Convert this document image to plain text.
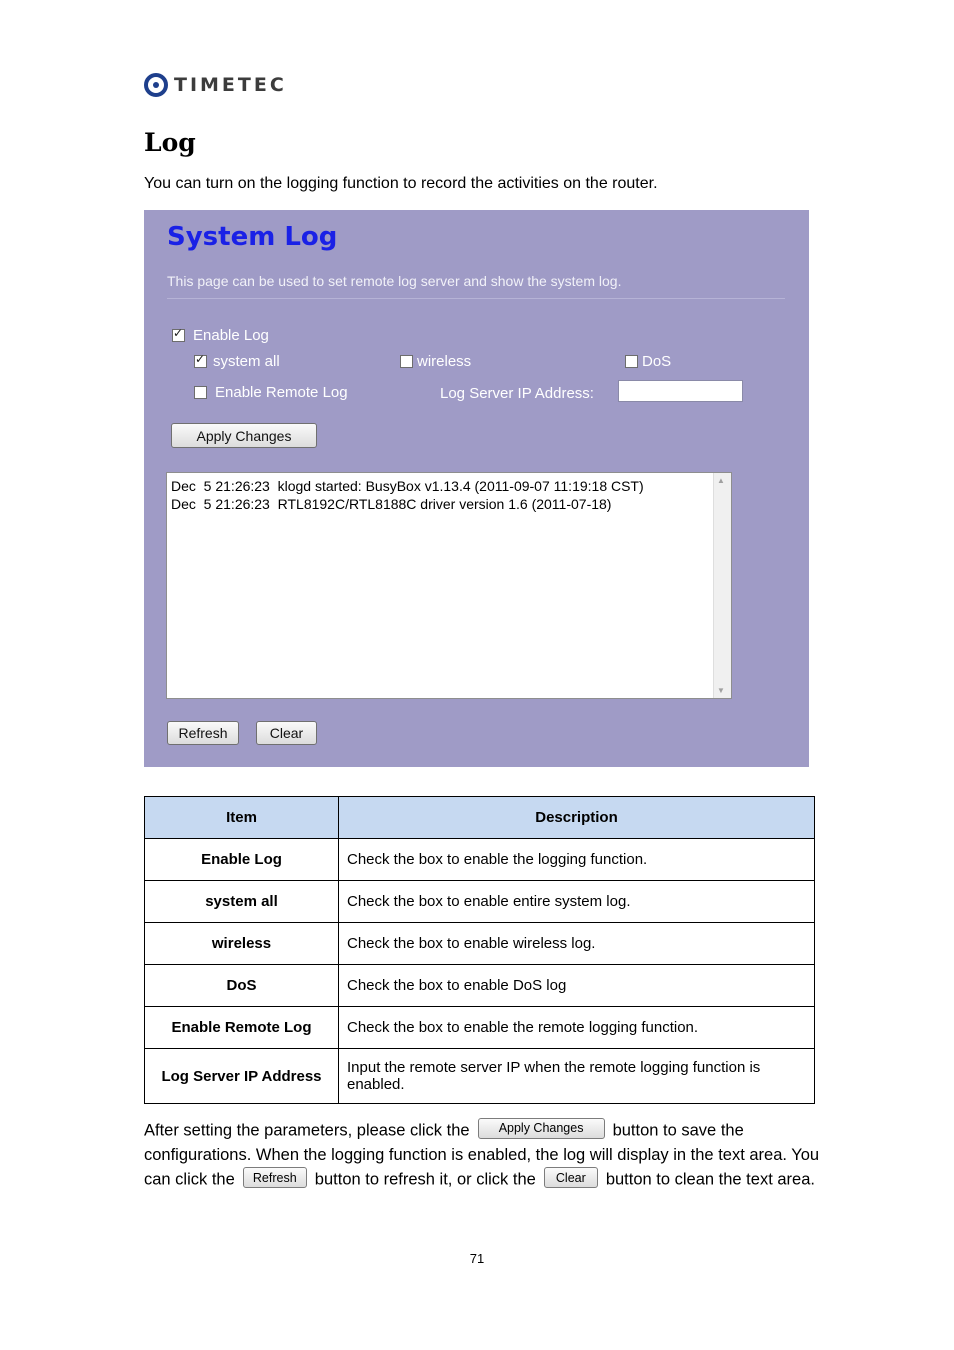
TIMETEC
Log

You can turn on the logging function to record the activities on the router.

System Log
This page can be used to set remote log server and show the system log.
✓
Enable Log
✓
system all	wireless	DoS
Enable Remote Log	Log Server IP Address:
Apply Changes
Dec  5 21:26:23  klogd started: BusyBox v1.13.4 (2011-09-07 11:19:18 CST)
Dec  5 21:26:23  RTL8192C/RTL8188C driver version 1.6 (2011-07-18)
▲
▼
Refresh	Clear
Item	Description
Enable Log	Check the box to enable the logging function.
system all	Check the box to enable entire system log.
wireless	Check the box to enable wireless log.
DoS	Check the box to enable DoS log
Enable Remote Log	Check the box to enable the remote logging function.
Log Server IP Address	Input the remote server IP when the remote logging function is enabled.
After setting the parameters, please click the Apply Changes button to save the configurations. When the logging function is enabled, the log will display in the text area. You can click the Refresh button to refresh it, or click the Clear button to clean the text area.
71
